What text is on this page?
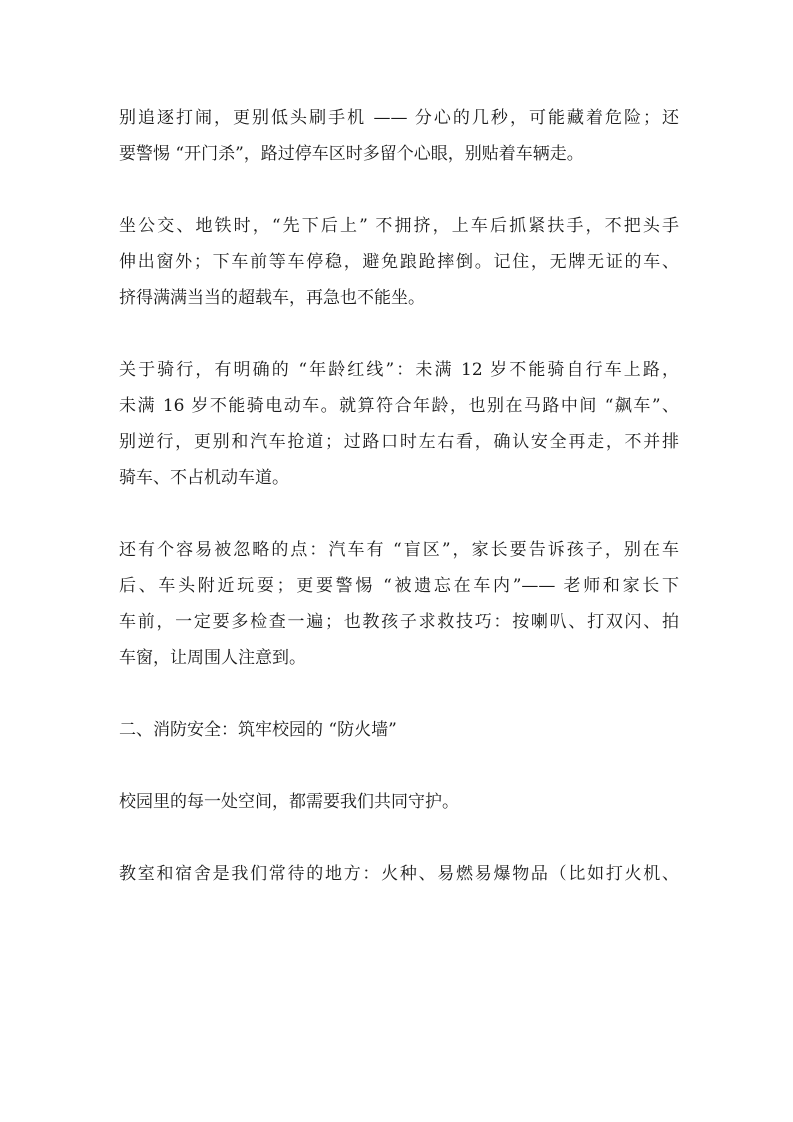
别追逐打闹，更别低头刷手机 —— 分心的几秒，可能藏着危险；还
要警惕 “开门杀”，路过停车区时多留个心眼，别贴着车辆走。

坐公交、地铁时，“先下后上” 不拥挤，上车后抓紧扶手，不把头手
伸出窗外；下车前等车停稳，避免踉跄摔倒。记住，无牌无证的车、
挤得满满当当的超载车，再急也不能坐。

关于骑行，有明确的 “年龄红线”：未满 12 岁不能骑自行车上路，
未满 16 岁不能骑电动车。就算符合年龄，也别在马路中间 “飙车”、
别逆行，更别和汽车抢道；过路口时左右看，确认安全再走，不并排
骑车、不占机动车道。

还有个容易被忽略的点：汽车有 “盲区”，家长要告诉孩子，别在车
后、车头附近玩耍；更要警惕 “被遗忘在车内”—— 老师和家长下
车前，一定要多检查一遍；也教孩子求救技巧：按喇叭、打双闪、拍
车窗，让周围人注意到。

二、消防安全：筑牢校园的 “防火墙”

校园里的每一处空间，都需要我们共同守护。

教室和宿舍是我们常待的地方：火种、易燃易爆物品（比如打火机、
